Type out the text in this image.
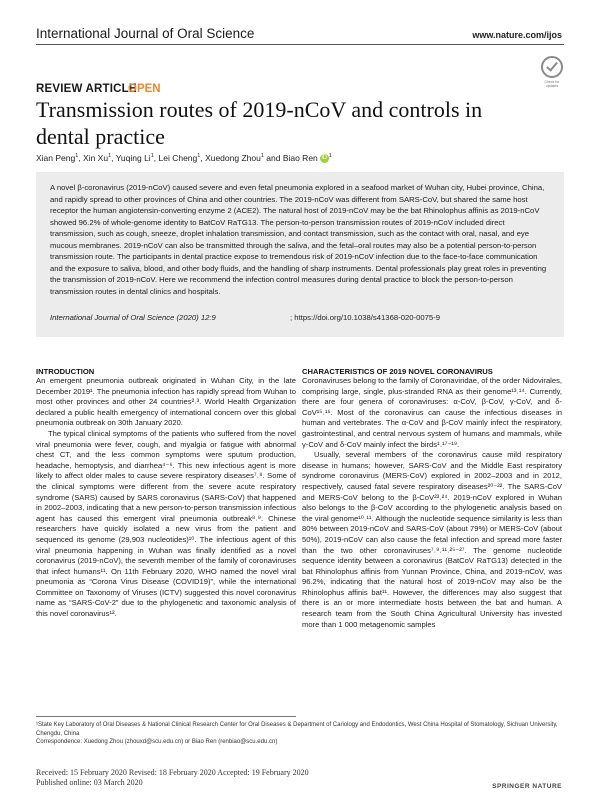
International Journal of Oral Science	www.nature.com/ijos
Check for updates
REVIEW ARTICLE
OPEN
Transmission routes of 2019-nCoV and controls in dental practice
Xian Peng$^1$, Xin Xu$^1$, Yuqing Li$^1$, Lei Cheng$^1$, Xuedong Zhou$^1$ and Biao Ren iD $^1$
A novel β-coronavirus (2019-nCoV) caused severe and even fetal pneumonia explored in a seafood market of Wuhan city, Hubei province, China, and rapidly spread to other provinces of China and other countries. The 2019-nCoV was different from SARS-CoV, but shared the same host receptor the human angiotensin-converting enzyme 2 (ACE2). The natural host of 2019-nCoV may be the bat Rhinolophus affinis as 2019-nCoV showed 96.2% of whole-genome identity to BatCoV RaTG13. The person-to-person transmission routes of 2019-nCoV included direct transmission, such as cough, sneeze, droplet inhalation transmission, and contact transmission, such as the contact with oral, nasal, and eye mucous membranes. 2019-nCoV can also be transmitted through the saliva, and the fetal–oral routes may also be a potential person-to-person transmission route. The participants in dental practice expose to tremendous risk of 2019-nCoV infection due to the face-to-face communication and the exposure to saliva, blood, and other body fluids, and the handling of sharp instruments. Dental professionals play great roles in preventing the transmission of 2019-nCoV. Here we recommend the infection control measures during dental practice to block the person-to-person transmission routes in dental clinics and hospitals.
International Journal of Oral Science (2020) 12:9	; https://doi.org/10.1038/s41368-020-0075-9
INTRODUCTION

An emergent pneumonia outbreak originated in Wuhan City, in the late December 2019¹. The pneumonia infection has rapidly spread from Wuhan to most other provinces and other 24 countries²˒³. World Health Organization declared a public health emergency of international concern over this global pneumonia outbreak on 30th January 2020.

The typical clinical symptoms of the patients who suffered from the novel viral pneumonia were fever, cough, and myalgia or fatigue with abnormal chest CT, and the less common symptoms were sputum production, headache, hemoptysis, and diarrhea⁴⁻⁶. This new infectious agent is more likely to affect older males to cause severe respiratory diseases⁷˒⁸. Some of the clinical symptoms were different from the severe acute respiratory syndrome (SARS) caused by SARS coronavirus (SARS-CoV) that happened in 2002–2003, indicating that a new person-to-person transmission infectious agent has caused this emergent viral pneumonia outbreak⁸˒⁹. Chinese researchers have quickly isolated a new virus from the patient and sequenced its genome (29,903 nucleotides)¹⁰. The infectious agent of this viral pneumonia happening in Wuhan was finally identified as a novel coronavirus (2019-nCoV), the seventh member of the family of coronaviruses that infect humans¹¹. On 11th February 2020, WHO named the novel viral pneumonia as “Corona Virus Disease (COVID19)”, while the international Committee on Taxonomy of Viruses (ICTV) suggested this novel coronavirus name as “SARS-CoV-2” due to the phylogenetic and taxonomic analysis of this novel coronavirus¹².

CHARACTERISTICS OF 2019 NOVEL CORONAVIRUS

Coronaviruses belong to the family of Coronaviridae, of the order Nidovirales, comprising large, single, plus-stranded RNA as their genome¹³˒¹⁴. Currently, there are four genera of coronaviruses: α-CoV, β-CoV, γ-CoV, and δ-CoV¹⁵˒¹⁶. Most of the coronavirus can cause the infectious diseases in human and vertebrates. The α-CoV and β-CoV mainly infect the respiratory, gastrointestinal, and central nervous system of humans and mammals, while γ-CoV and δ-CoV mainly infect the birds¹˒¹⁷⁻¹⁹.

Usually, several members of the coronavirus cause mild respiratory disease in humans; however, SARS-CoV and the Middle East respiratory syndrome coronavirus (MERS-CoV) explored in 2002–2003 and in 2012, respectively, caused fatal severe respiratory diseases²⁰⁻²². The SARS-CoV and MERS-CoV belong to the β-CoV²³˒²⁴. 2019-nCoV explored in Wuhan also belongs to the β-CoV according to the phylogenetic analysis based on the viral genome¹⁰˒¹¹. Although the nucleotide sequence similarity is less than 80% between 2019-nCoV and SARS-CoV (about 79%) or MERS-CoV (about 50%), 2019-nCoV can also cause the fetal infection and spread more faster than the two other coronaviruses⁷˒⁹˒¹¹˒²⁵⁻²⁷. The genome nucleotide sequence identity between a coronavirus (BatCoV RaTG13) detected in the bat Rhinolophus affinis from Yunnan Province, China, and 2019-nCoV, was 96.2%, indicating that the natural host of 2019-nCoV may also be the Rhinolophus affinis bat¹¹. However, the differences may also suggest that there is an or more intermediate hosts between the bat and human. A research team from the South China Agricultural University has invested more than 1 000 metagenomic samples

¹State Key Laboratory of Oral Diseases & National Clinical Research Center for Oral Diseases & Department of Cariology and Endodontics, West China Hospital of Stomatology, Sichuan University, Chengdu, China
Correspondence: Xuedong Zhou (zhouxd@scu.edu.cn) or Biao Ren (renbiao@scu.edu.cn)
Received: 15 February 2020 Revised: 18 February 2020 Accepted: 19 February 2020
Published online: 03 March 2020	SPRINGER NATURE
